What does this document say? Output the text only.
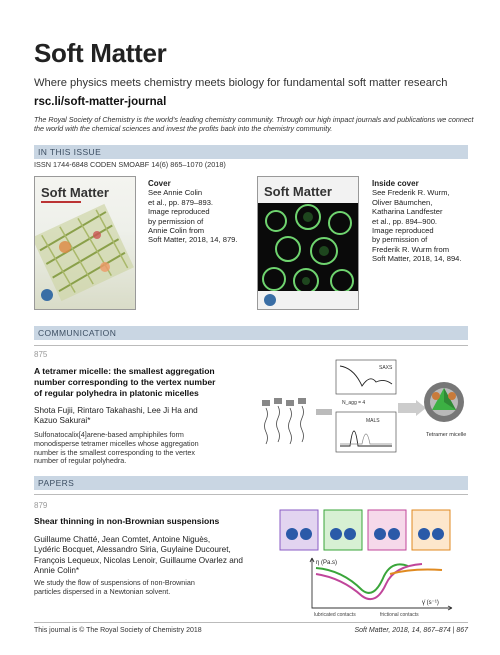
Soft Matter
Where physics meets chemistry meets biology for fundamental soft matter research
rsc.li/soft-matter-journal
The Royal Society of Chemistry is the world's leading chemistry community. Through our high impact journals and publications we connect the world with the chemical sciences and invest the profits back into the chemistry community.
IN THIS ISSUE
ISSN 1744-6848 CODEN SMOABF 14(6) 865–1070 (2018)
Soft Matter
Cover
See Annie Colin
et al., pp. 879–893.
Image reproduced
by permission of
Annie Colin from
Soft Matter, 2018, 14, 879.
Soft Matter
Inside cover
See Frederik R. Wurm,
Oliver Bäumchen,
Katharina Landfester
et al., pp. 894–900.
Image reproduced
by permission of
Frederik R. Wurm from
Soft Matter, 2018, 14, 894.
COMMUNICATION
875
A tetramer micelle: the smallest aggregation
number corresponding to the vertex number
of regular polyhedra in platonic micelles
Shota Fujii, Rintaro Takahashi, Lee Ji Ha and
Kazuo Sakurai*
Sulfonatocalix[4]arene-based amphiphiles form
monodisperse tetramer micelles whose aggregation
number is the smallest corresponding to the vertex
number of regular polyhedra.
SAXS
N_agg = 4
MALS
Tetramer micelle
PAPERS
879
Shear thinning in non-Brownian suspensions
Guillaume Chatté, Jean Comtet, Antoine Niguès,
Lydéric Bocquet, Alessandro Siria, Guylaine Ducouret,
François Lequeux, Nicolas Lenoir, Guillaume Ovarlez and
Annie Colin*
We study the flow of suspensions of non-Brownian
particles dispersed in a Newtonian solvent.
η (Pa.s)
γ̇ (s⁻¹)
lubricated contacts	frictional contacts
This journal is © The Royal Society of Chemistry 2018	Soft Matter, 2018, 14, 867–874 | 867
